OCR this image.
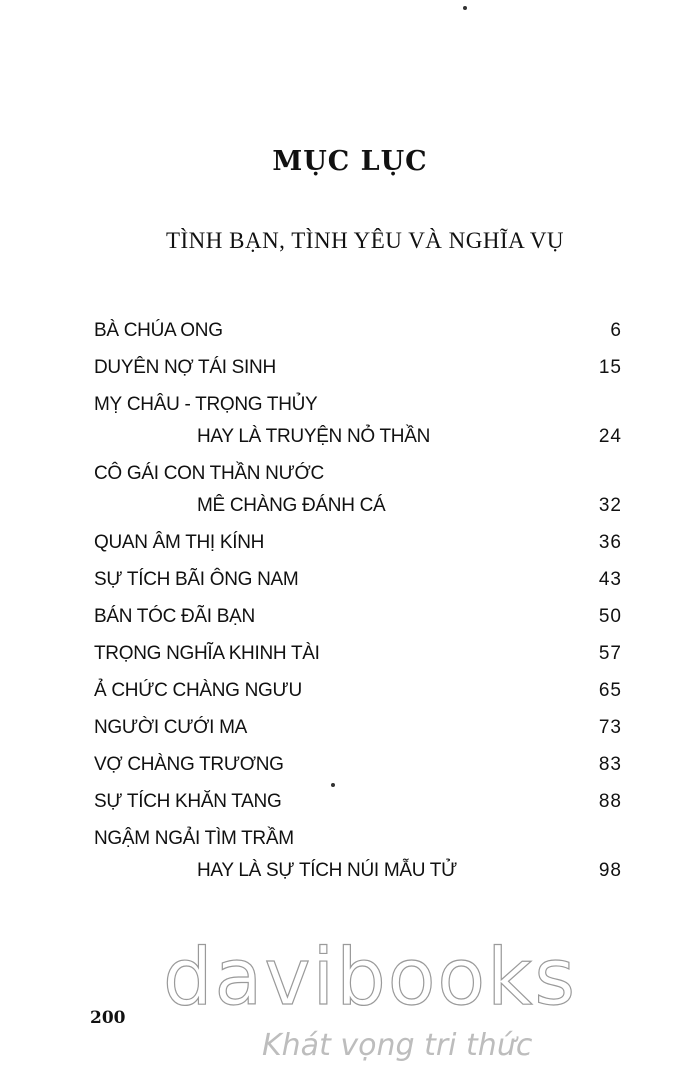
MỤC LỤC
TÌNH BẠN, TÌNH YÊU VÀ NGHĨA VỤ
BÀ CHÚA ONG	6
DUYÊN NỢ TÁI SINH	15
MỴ CHÂU - TRỌNG THỦY
HAY LÀ TRUYỆN NỎ THẦN	24
CÔ GÁI CON THẦN NƯỚC
MÊ CHÀNG ĐÁNH CÁ	32
QUAN ÂM THỊ KÍNH	36
SỰ TÍCH BÃI ÔNG NAM	43
BÁN TÓC ĐÃI BẠN	50
TRỌNG NGHĨA KHINH TÀI	57
Ả CHỨC CHÀNG NGƯU	65
NGƯỜI CƯỚI MA	73
VỢ CHÀNG TRƯƠNG	83
SỰ TÍCH KHĂN TANG	88
NGẬM NGẢI TÌM TRẦM
HAY LÀ SỰ TÍCH NÚI MẪU TỬ	98
davibooks
Khát vọng tri thức
200
